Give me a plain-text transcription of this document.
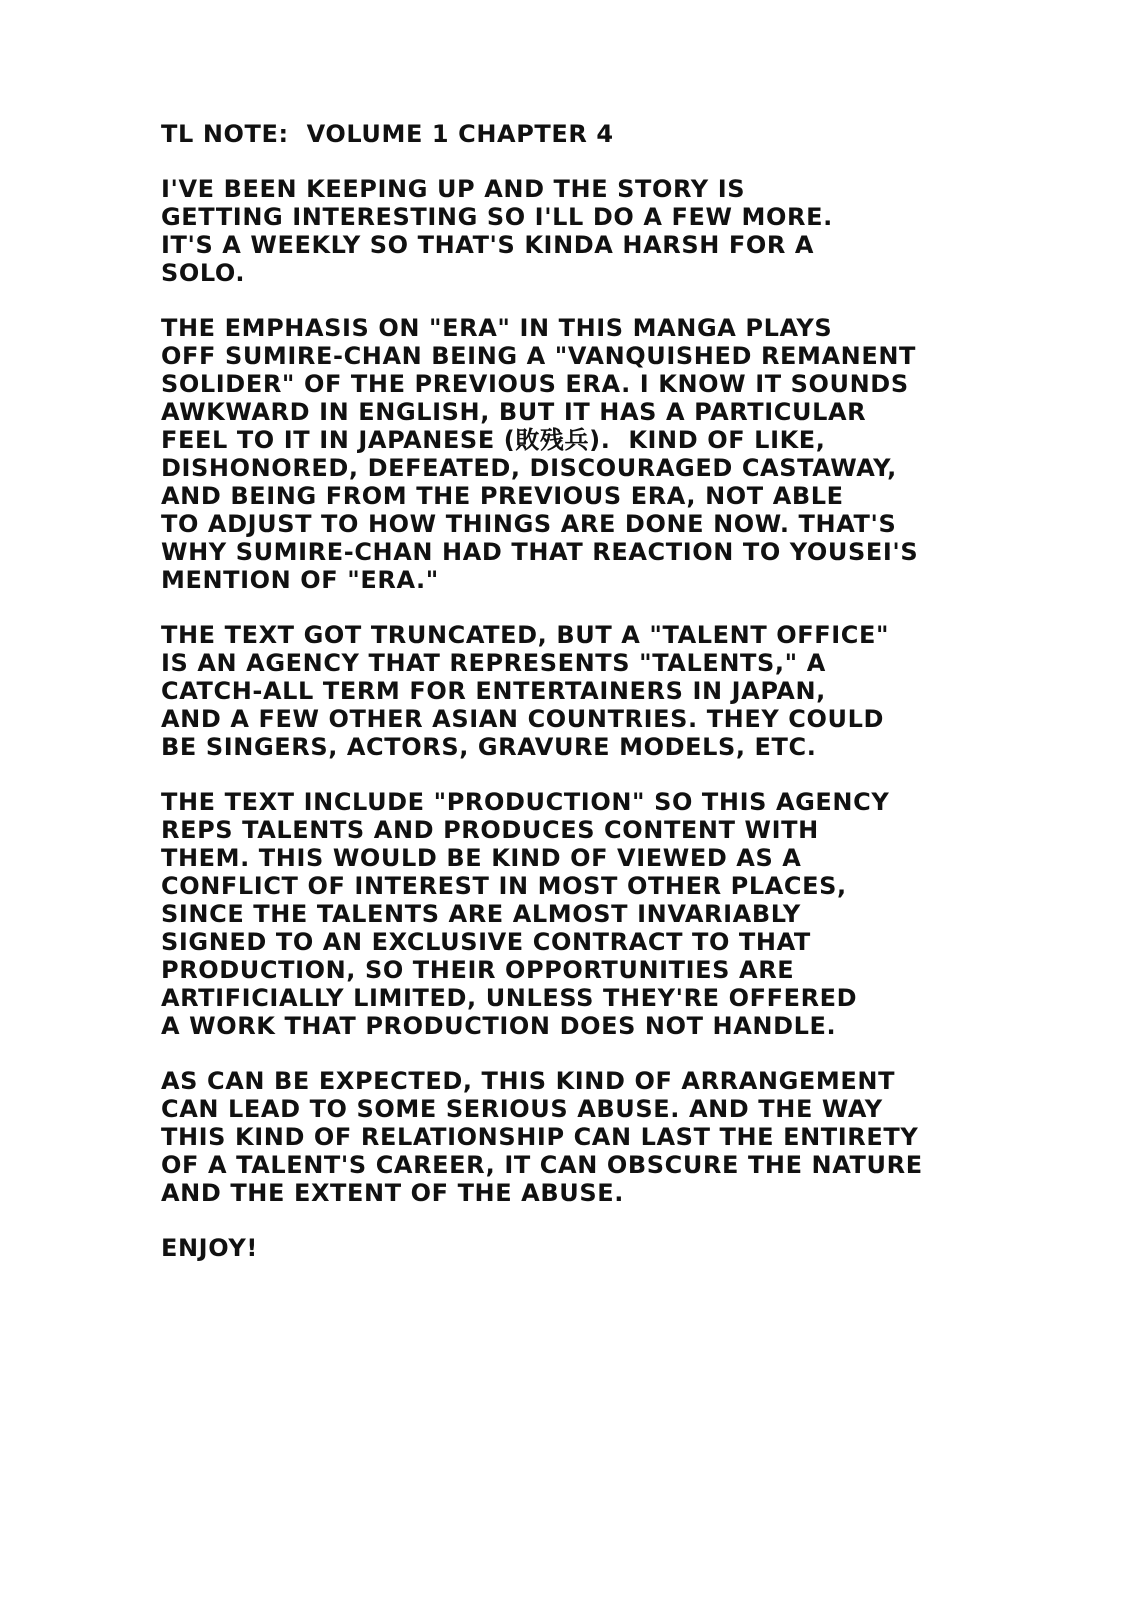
TL NOTE:  VOLUME 1 CHAPTER 4
I'VE BEEN KEEPING UP AND THE STORY IS
GETTING INTERESTING SO I'LL DO A FEW MORE.
IT'S A WEEKLY SO THAT'S KINDA HARSH FOR A
SOLO.
THE EMPHASIS ON "ERA" IN THIS MANGA PLAYS
OFF SUMIRE-CHAN BEING A "VANQUISHED REMANENT
SOLIDER" OF THE PREVIOUS ERA. I KNOW IT SOUNDS
AWKWARD IN ENGLISH, BUT IT HAS A PARTICULAR
FEEL TO IT IN JAPANESE (敗残兵).  KIND OF LIKE,
DISHONORED, DEFEATED, DISCOURAGED CASTAWAY,
AND BEING FROM THE PREVIOUS ERA, NOT ABLE
TO ADJUST TO HOW THINGS ARE DONE NOW. THAT'S
WHY SUMIRE-CHAN HAD THAT REACTION TO YOUSEI'S
MENTION OF "ERA."
THE TEXT GOT TRUNCATED, BUT A "TALENT OFFICE"
IS AN AGENCY THAT REPRESENTS "TALENTS," A
CATCH-ALL TERM FOR ENTERTAINERS IN JAPAN,
AND A FEW OTHER ASIAN COUNTRIES. THEY COULD
BE SINGERS, ACTORS, GRAVURE MODELS, ETC.
THE TEXT INCLUDE "PRODUCTION" SO THIS AGENCY
REPS TALENTS AND PRODUCES CONTENT WITH
THEM. THIS WOULD BE KIND OF VIEWED AS A
CONFLICT OF INTEREST IN MOST OTHER PLACES,
SINCE THE TALENTS ARE ALMOST INVARIABLY
SIGNED TO AN EXCLUSIVE CONTRACT TO THAT
PRODUCTION, SO THEIR OPPORTUNITIES ARE
ARTIFICIALLY LIMITED, UNLESS THEY'RE OFFERED
A WORK THAT PRODUCTION DOES NOT HANDLE.
AS CAN BE EXPECTED, THIS KIND OF ARRANGEMENT
CAN LEAD TO SOME SERIOUS ABUSE. AND THE WAY
THIS KIND OF RELATIONSHIP CAN LAST THE ENTIRETY
OF A TALENT'S CAREER, IT CAN OBSCURE THE NATURE
AND THE EXTENT OF THE ABUSE.
ENJOY!
